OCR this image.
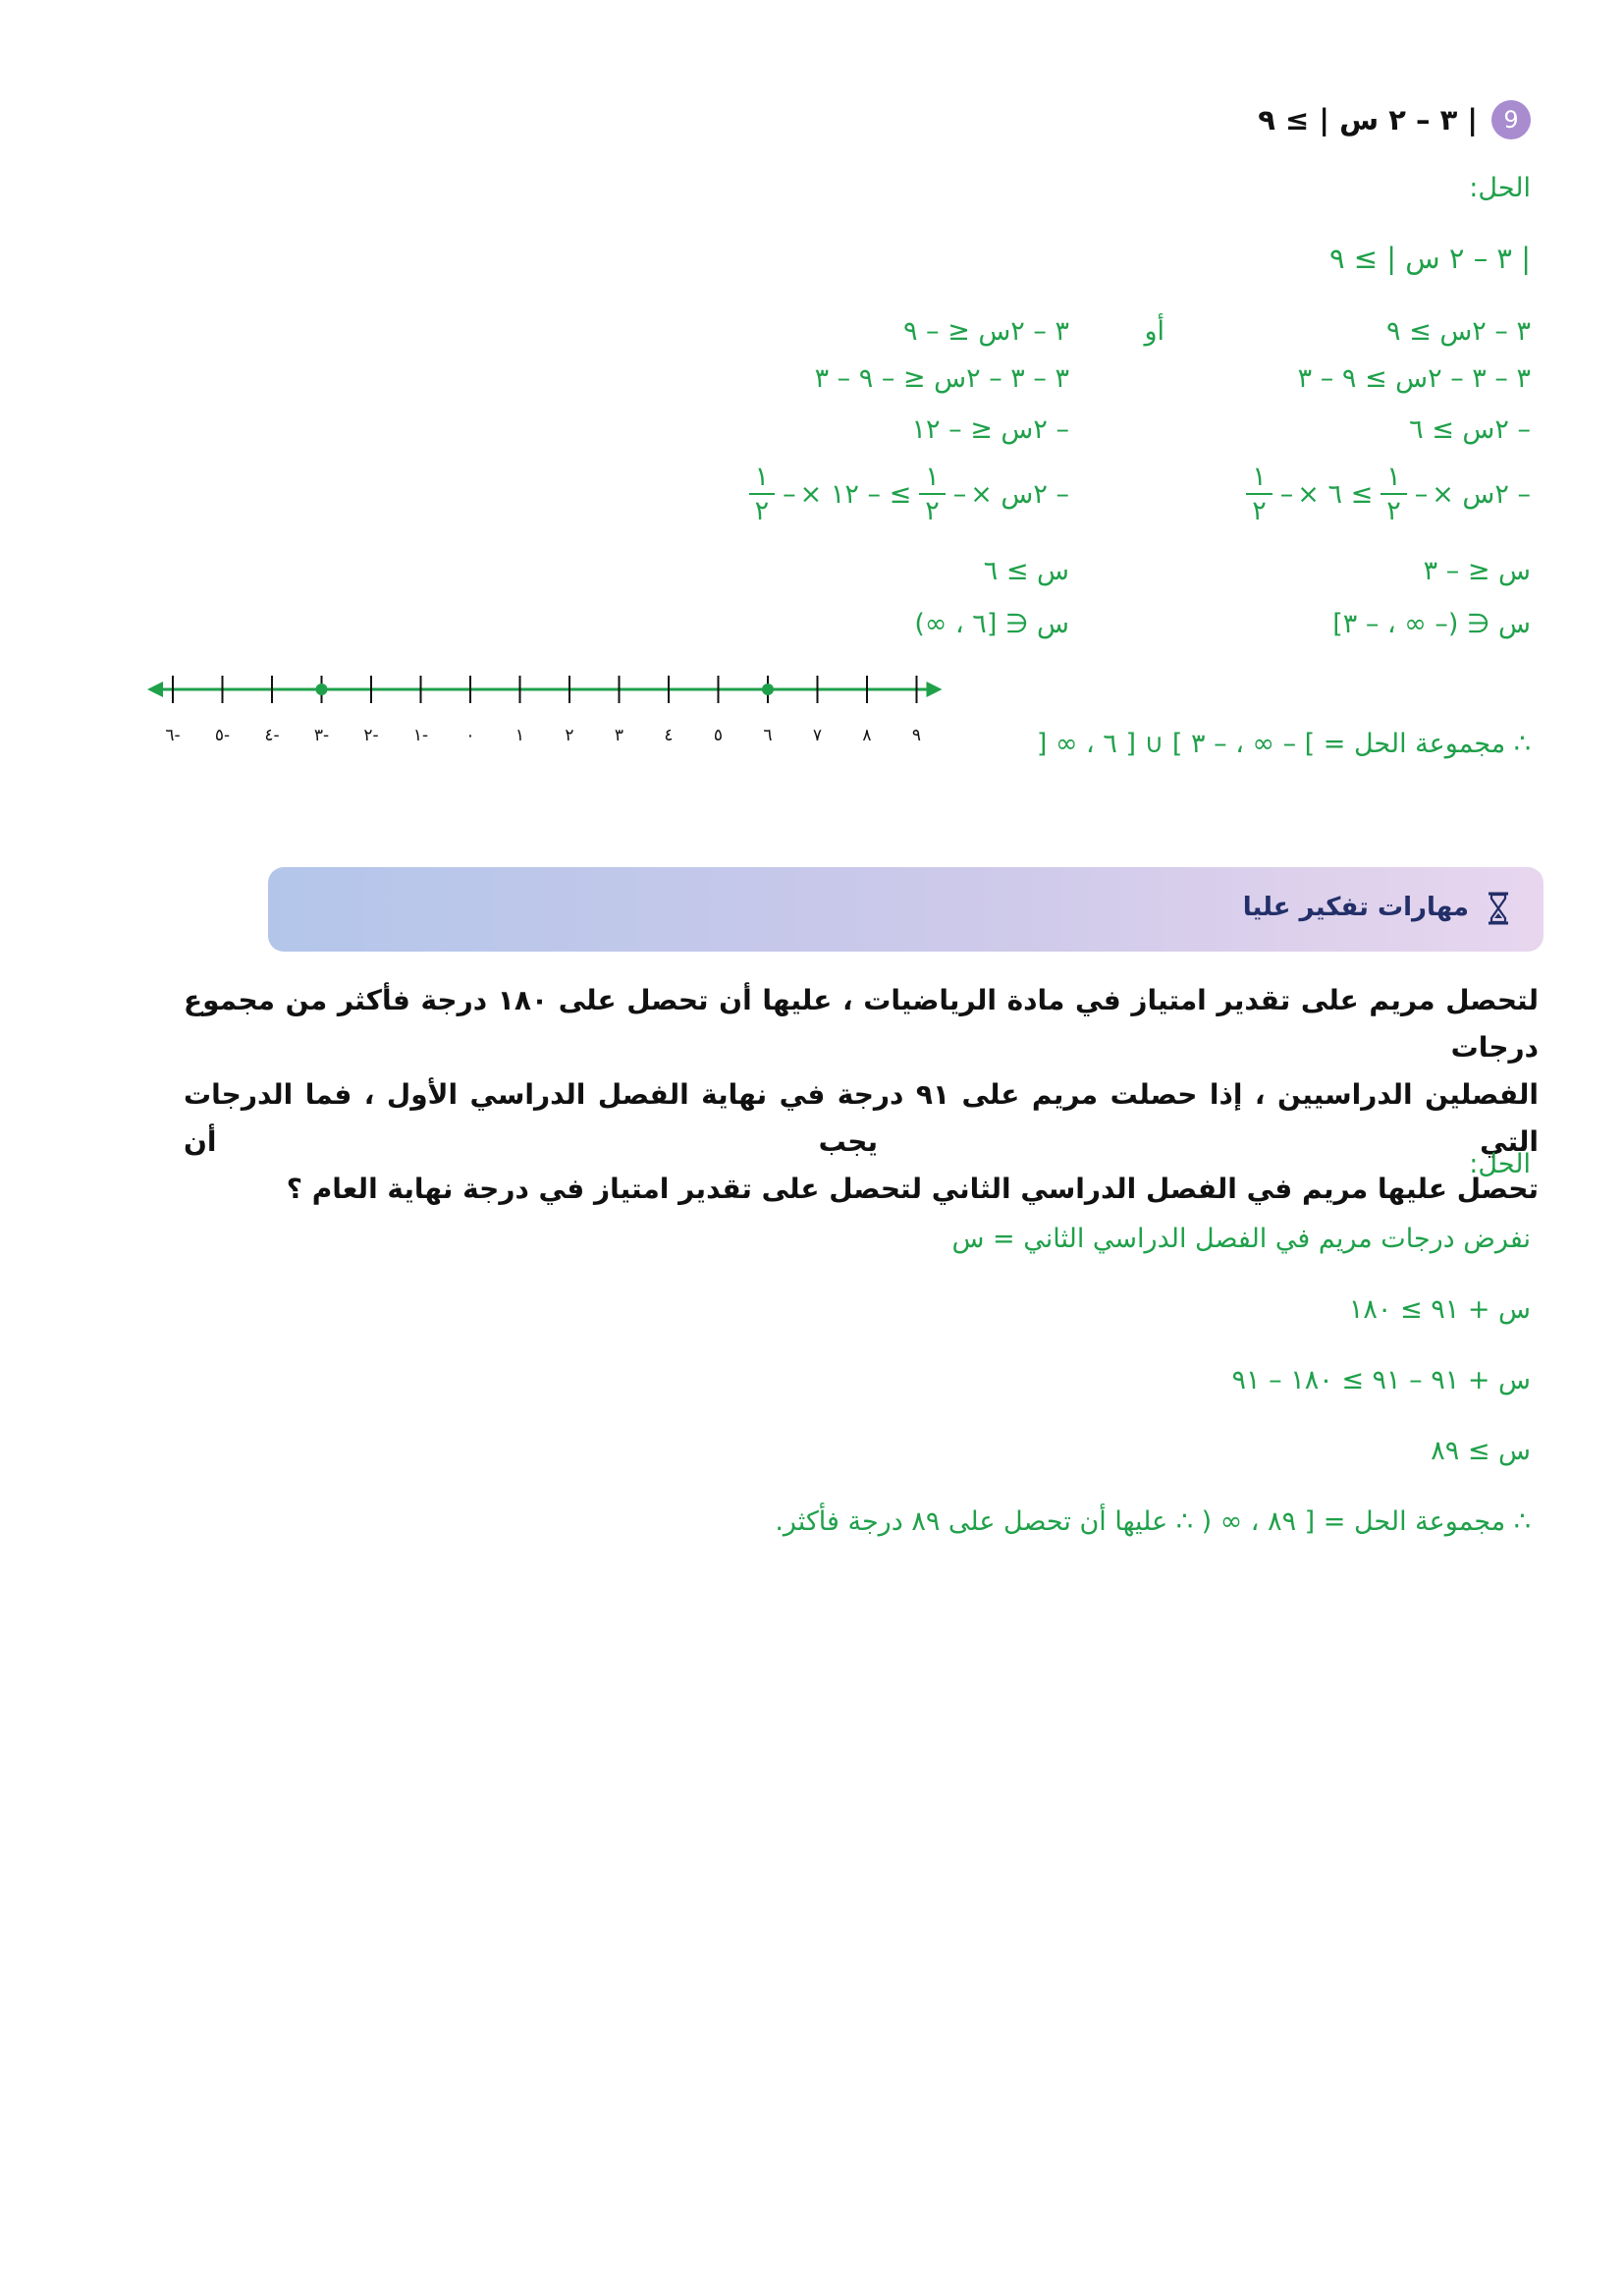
9
| ٣ – ٢ س | ≥ ٩
الحل:
| ٣ – ٢ س | ≥ ٩
٣ – ٢س ≥ ٩
٣ – ٣ – ٢س ≥ ٩ – ٣
– ٢س ≥ ٦
– ٢س ×
–
$\frac{١}{٢}$
≥ ٦ ×
–
$\frac{١}{٢}$
س ≤ – ٣
س ∈ (– ∞ ، – ٣]
أو
٣ – ٢س ≤ – ٩
٣ – ٣ – ٢س ≤ – ٩ – ٣
– ٢س ≤ – ١٢
– ٢س ×
–
$\frac{١}{٢}$
≥ – ١٢ ×
–
$\frac{١}{٢}$
س ≥ ٦
س ∈ [٦ ، ∞)
٩
٨
٧
٦
٥
٤
٣
٢
١
٠
١-
٢-
٣-
٤-
٥-
٦-	∴ مجموعة الحل = ] – ∞ ، – ٣ ] ∪ [ ٦ ، ∞ [
مهارات تفكير عليا
لتحصل مريم على تقدير امتياز في مادة الرياضيات ، عليها أن تحصل على ١٨٠ درجة فأكثر من مجموع درجات
الفصلين الدراسيين ، إذا حصلت مريم على ٩١ درجة في نهاية الفصل الدراسي الأول ، فما الدرجات التي يجب أن
تحصل عليها مريم في الفصل الدراسي الثاني لتحصل على تقدير امتياز في درجة نهاية العام ؟
الحل:
نفرض درجات مريم في الفصل الدراسي الثاني = س
س + ٩١ ≥ ١٨٠
س + ٩١ – ٩١ ≥ ١٨٠ – ٩١
س ≥ ٨٩
∴ مجموعة الحل = [ ٨٩ ، ∞ ( ∴ عليها أن تحصل على ٨٩ درجة فأكثر.
